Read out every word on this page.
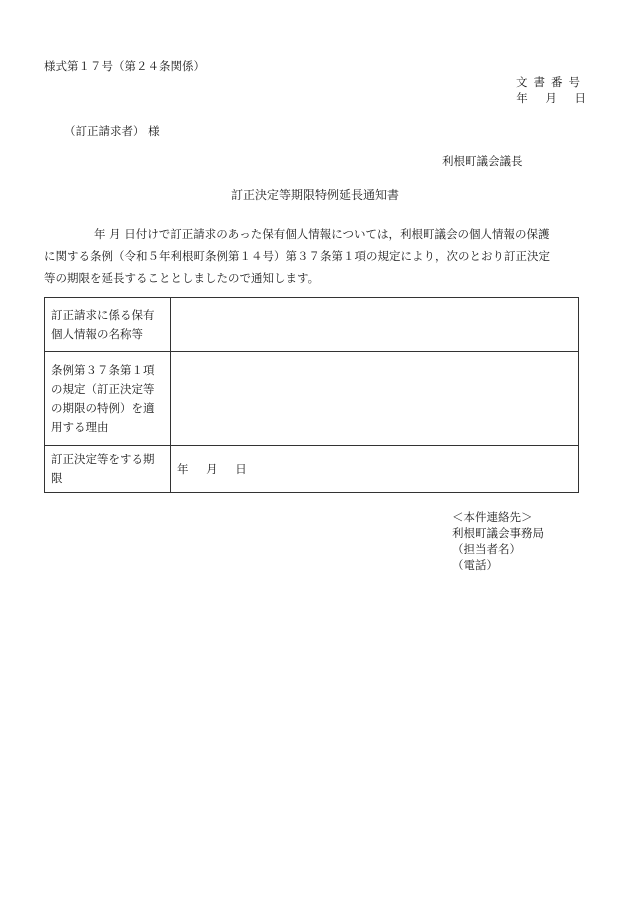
様式第１７号（第２４条関係）
文書番号
年 月 日
（訂正請求者） 様
利根町議会議長
訂正決定等期限特例延長通知書
年 月 日付けで訂正請求のあった保有個人情報については，利根町議会の個人情報の保護
に関する条例（令和５年利根町条例第１４号）第３７条第１項の規定により，次のとおり訂正決定
等の期限を延長することとしましたので通知します。
訂正請求に係る保有
個人情報の名称等	

条例第３７条第１項
の規定（訂正決定等
の期限の特例）を適
用する理由	

訂正決定等をする期
限	年 月 日
＜本件連絡先＞
利根町議会事務局
（担当者名）
（電話）
